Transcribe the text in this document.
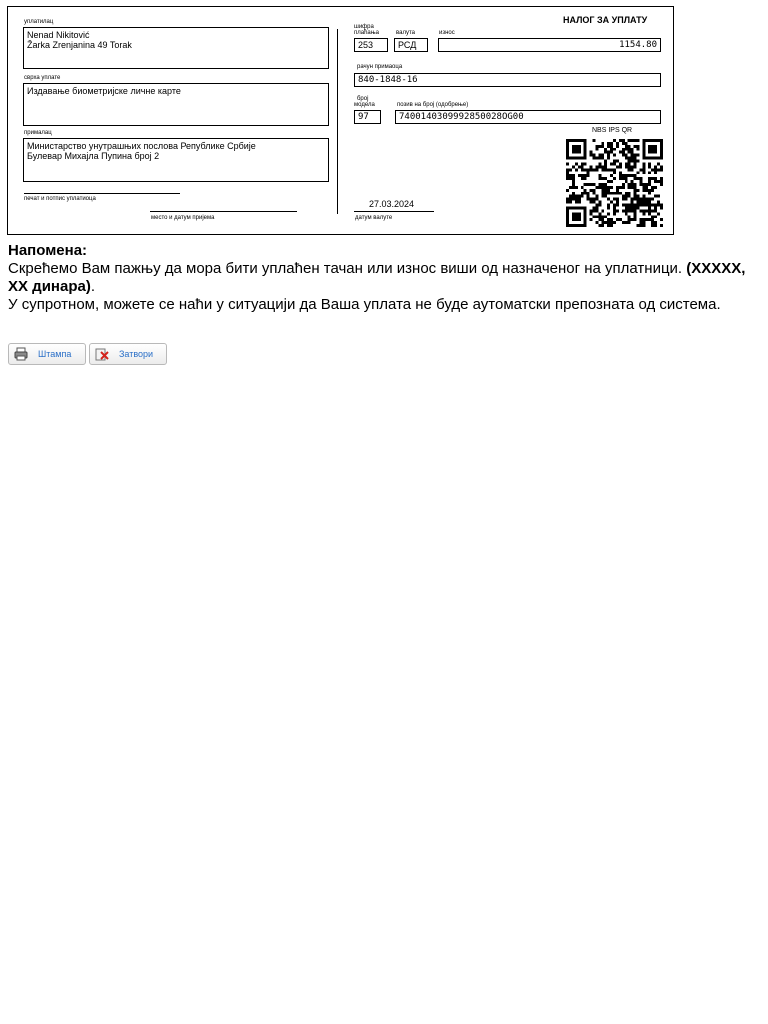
НАЛОГ ЗА УПЛАТУ
уплатилац
Nenad Nikitović
Žarka Zrenjanina 49 Torak
сврха уплате
Издавање биометријске личне карте
прималац
Министарство унутрашњих послова Републике Србије
Булевар Михајла Пупина број 2
печат и потпис уплатиоца
место и датум пријема
шифра
плаћања
253
валута
РСД
износ
1154.80
рачун примаоца
840-1848-16
број
модела
97
позив на број (одобрење)
7400140309992850028OG00
NBS IPS QR
27.03.2024
датум валуте
Напомена:
Скрећемо Вам пажњу да мора бити уплаћен тачан или износ виши од назначеног на уплатници. (XXXXX, XX динара).
У супротном, можете се наћи у ситуацији да Ваша уплата не буде аутоматски препозната од система.
Штампа	Затвори
